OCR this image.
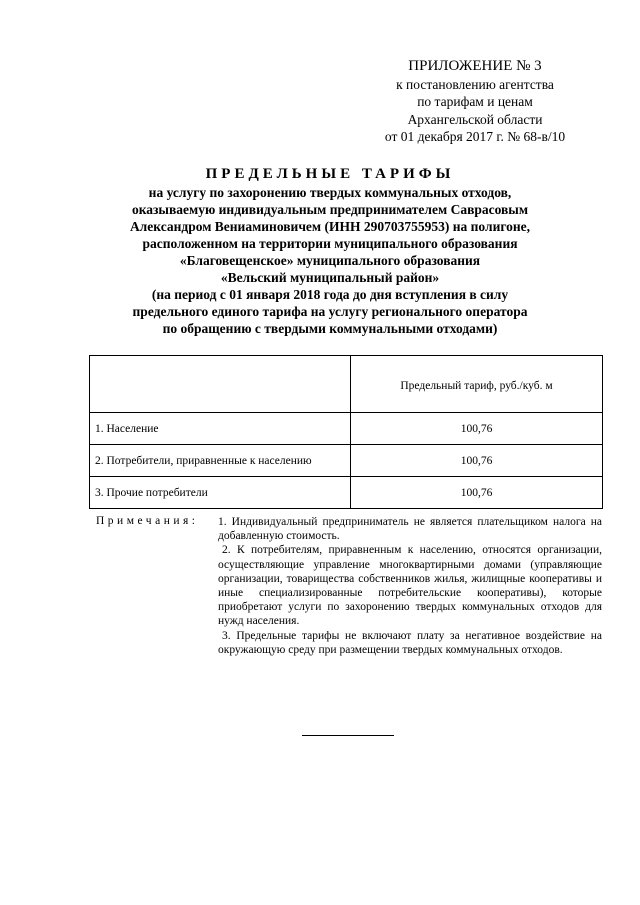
ПРИЛОЖЕНИЕ № 3
к постановлению агентства
по тарифам и ценам
Архангельской области
от 01 декабря 2017 г. № 68-в/10
ПРЕДЕЛЬНЫЕ ТАРИФЫ
на услугу по захоронению твердых коммунальных отходов,
оказываемую индивидуальным предпринимателем Саврасовым
Александром Вениаминовичем (ИНН 290703755953) на полигоне,
расположенном на территории муниципального образования
«Благовещенское» муниципального образования
«Вельский муниципальный район»
(на период с 01 января 2018 года до дня вступления в силу
предельного единого тарифа на услугу регионального оператора
по обращению с твердыми коммунальными отходами)
	Предельный тариф, руб./куб. м
1. Население	100,76
2. Потребители, приравненные к населению	100,76
3. Прочие потребители	100,76
Примечания: 1. Индивидуальный предприниматель не является плательщиком налога на добавленную стоимость.

2. К потребителям, приравненным к населению, относятся организации, осуществляющие управление многоквартирными домами (управляющие организации, товарищества собственников жилья, жилищные кооперативы и иные специализированные потребительские кооперативы), которые приобретают услуги по захоронению твердых коммунальных отходов для нужд населения.

3. Предельные тарифы не включают плату за негативное воздействие на окружающую среду при размещении твердых коммунальных отходов.
